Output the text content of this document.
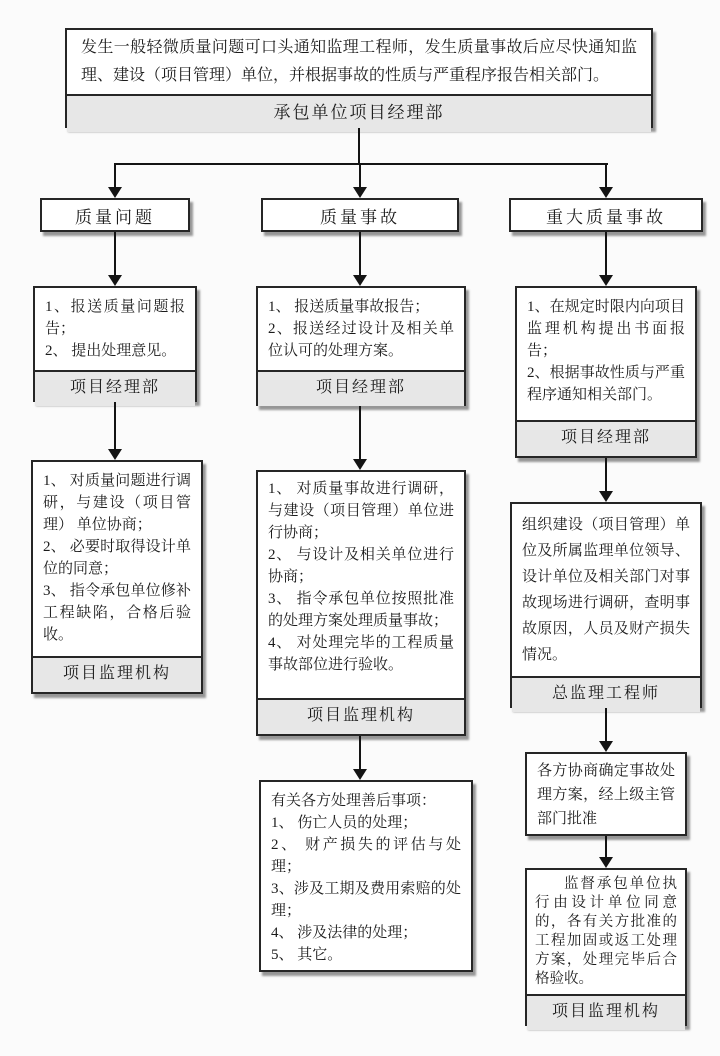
发生一般轻微质量问题可口头通知监理工程师，发生质量事故后应尽快通知监理、建设（项目管理）单位，并根据事故的性质与严重程序报告相关部门。
承包单位项目经理部
质量问题	质量事故	重大质量事故
1、报送质量问题报告；
2、 提出处理意见。
项目经理部
1、 报送质量事故报告；
2、报送经过设计及相关单位认可的处理方案。
项目经理部
1、在规定时限内向项目监理机构提出书面报告；
2、根据事故性质与严重程序通知相关部门。
项目经理部
1、 对质量问题进行调研，与建设（项目管理） 单位协商；
2、 必要时取得设计单位的同意；
3、 指令承包单位修补工程缺陷，合格后验收。
项目监理机构
1、 对质量事故进行调研，与建设（项目管理）单位进行协商；
2、 与设计及相关单位进行协商；
3、 指令承包单位按照批准的处理方案处理质量事故；
4、 对处理完毕的工程质量事故部位进行验收。
项目监理机构
组织建设（项目管理）单位及所属监理单位领导、设计单位及相关部门对事故现场进行调研，查明事故原因，人员及财产损失情况。
总监理工程师
有关各方处理善后事项：
1、 伤亡人员的处理；
2、 财产损失的评估与处理；
3、涉及工期及费用索赔的处理；
4、 涉及法律的处理；
5、 其它。
各方协商确定事故处理方案，经上级主管部门批准
监督承包单位执行由设计单位同意的，各有关方批准的工程加固或返工处理方案，处理完毕后合格验收。
项目监理机构
